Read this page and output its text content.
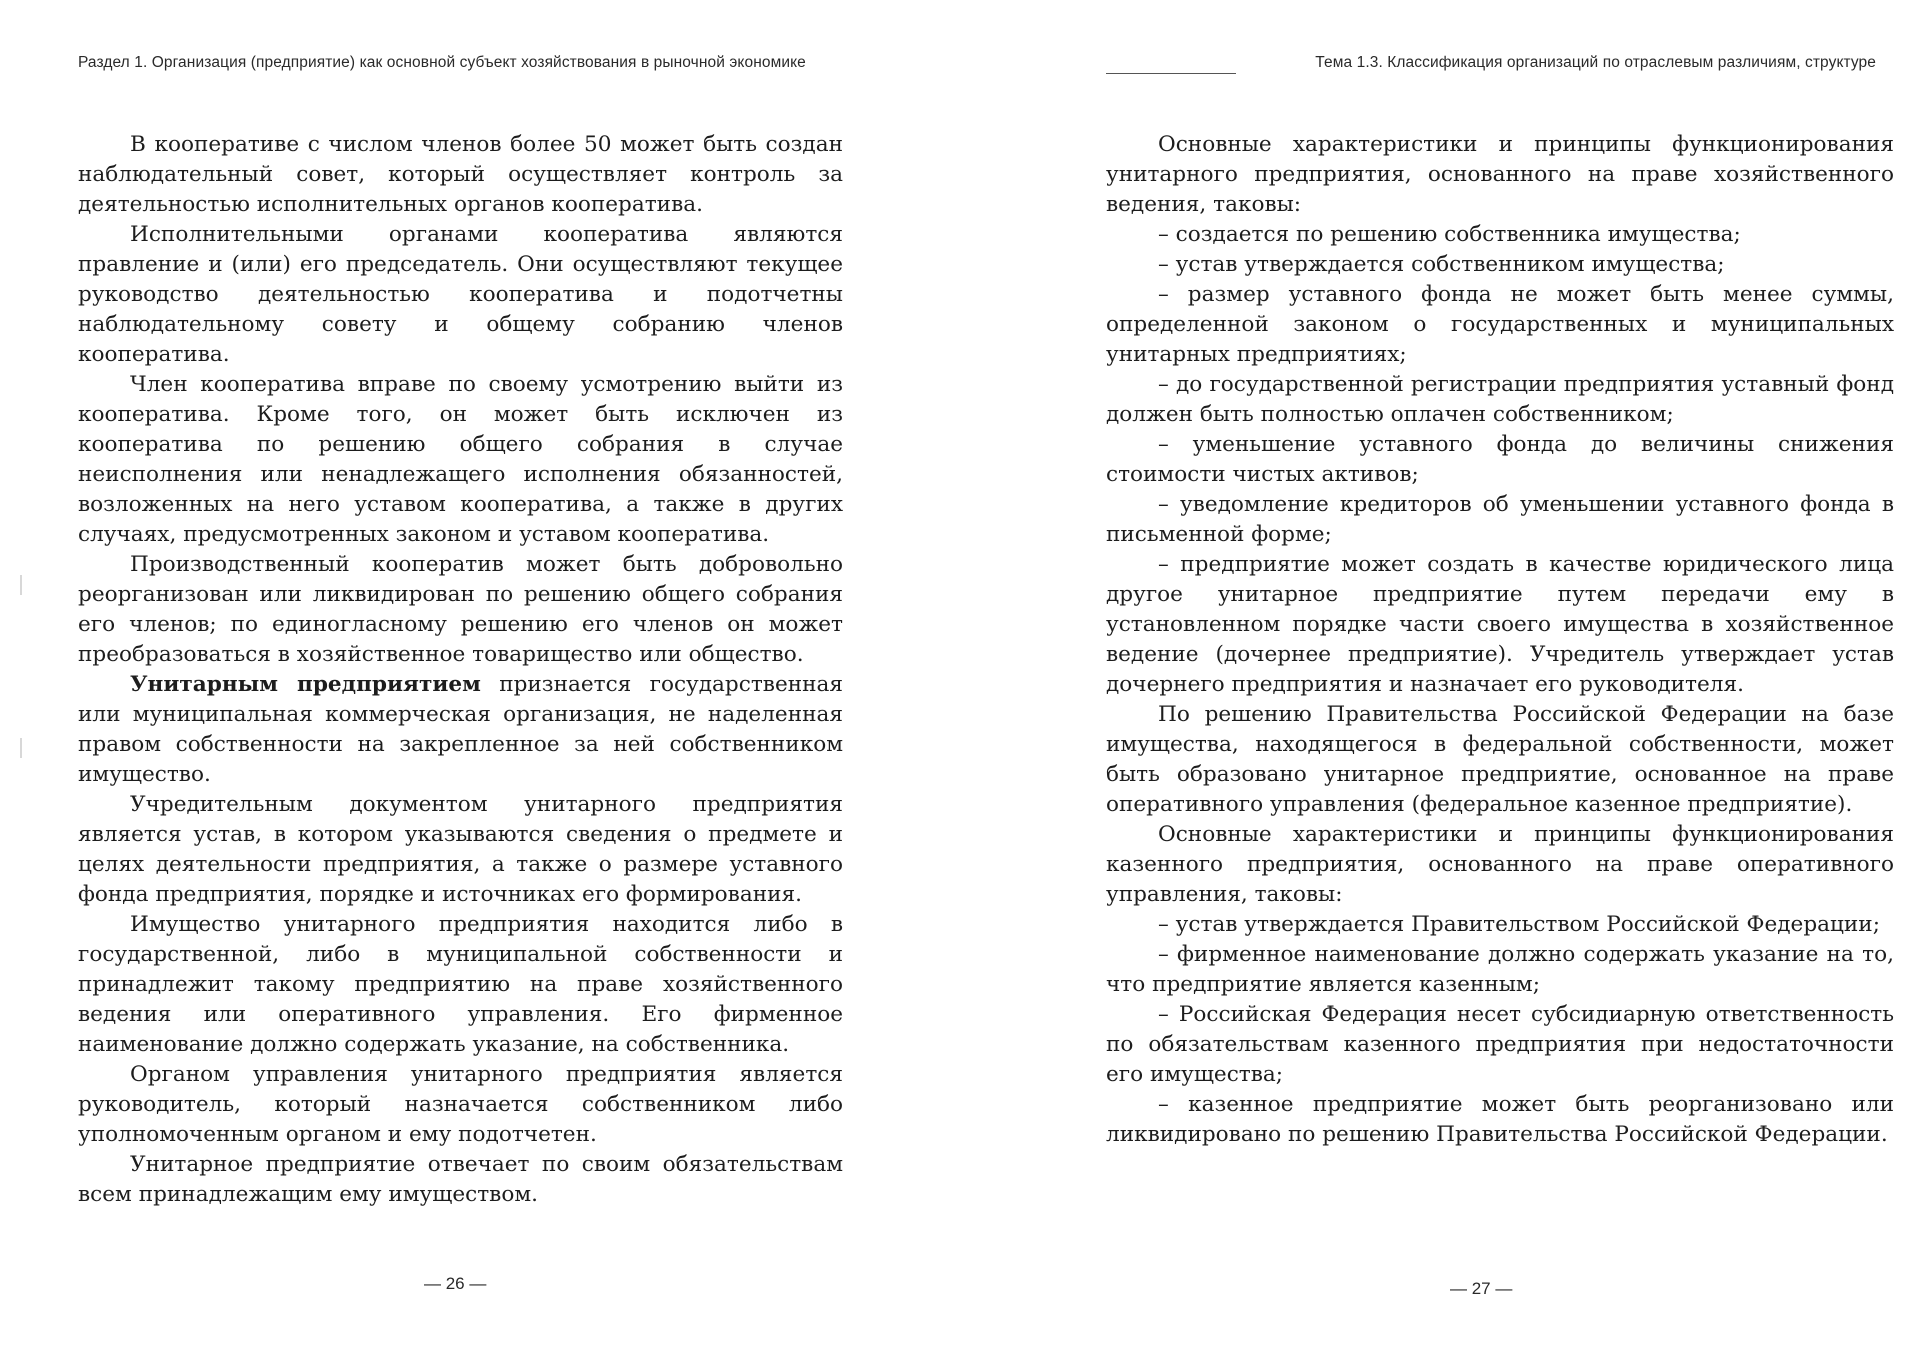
Раздел 1. Организация (предприятие) как основной субъект хозяйствования в рыночной экономике

В кооперативе с числом членов более 50 может быть создан наблюдательный совет, который осуществляет контроль за деятельностью исполнительных органов кооператива.

Исполнительными органами кооператива являются правление и (или) его председатель. Они осуществляют текущее руководство деятельностью кооператива и подотчетны наблюдательному совету и общему собранию членов кооператива.

Член кооператива вправе по своему усмотрению выйти из кооператива. Кроме того, он может быть исключен из кооператива по решению общего собрания в случае неисполнения или ненадлежащего исполнения обязанностей, возложенных на него уставом кооператива, а также в других случаях, предусмотренных законом и уставом кооператива.

Производственный кооператив может быть добровольно реорганизован или ликвидирован по решению общего собрания его членов; по единогласному решению его членов он может преобразоваться в хозяйственное товарищество или общество.

Унитарным предприятием признается государственная или муниципальная коммерческая организация, не наделенная правом собственности на закрепленное за ней собственником имущество.

Учредительным документом унитарного предприятия является устав, в котором указываются сведения о предмете и целях деятельности предприятия, а также о размере уставного фонда предприятия, порядке и источниках его формирования.

Имущество унитарного предприятия находится либо в государственной, либо в муниципальной собственности и принадлежит такому предприятию на праве хозяйственного ведения или оперативного управления. Его фирменное наименование должно содержать указание, на собственника.

Органом управления унитарного предприятия является руководитель, который назначается собственником либо уполномоченным органом и ему подотчетен.

Унитарное предприятие отвечает по своим обязательствам всем принадлежащим ему имуществом.

— 26 —
Тема 1.3. Классификация организаций по отраслевым различиям, структуре

Основные характеристики и принципы функционирования унитарного предприятия, основанного на праве хозяйственного ведения, таковы:

– создается по решению собственника имущества;

– устав утверждается собственником имущества;

– размер уставного фонда не может быть менее суммы, определенной законом о государственных и муниципальных унитарных предприятиях;

– до государственной регистрации предприятия уставный фонд должен быть полностью оплачен собственником;

– уменьшение уставного фонда до величины снижения стоимости чистых активов;

– уведомление кредиторов об уменьшении уставного фонда в письменной форме;

– предприятие может создать в качестве юридического лица другое унитарное предприятие путем передачи ему в установленном порядке части своего имущества в хозяйственное ведение (дочернее предприятие). Учредитель утверждает устав дочернего предприятия и назначает его руководителя.

По решению Правительства Российской Федерации на базе имущества, находящегося в федеральной собственности, может быть образовано унитарное предприятие, основанное на праве оперативного управления (федеральное казенное предприятие).

Основные характеристики и принципы функционирования казенного предприятия, основанного на праве оперативного управления, таковы:

– устав утверждается Правительством Российской Федерации;

– фирменное наименование должно содержать указание на то, что предприятие является казенным;

– Российская Федерация несет субсидиарную ответственность по обязательствам казенного предприятия при недостаточности его имущества;

– казенное предприятие может быть реорганизовано или ликвидировано по решению Правительства Российской Федерации.

— 27 —
